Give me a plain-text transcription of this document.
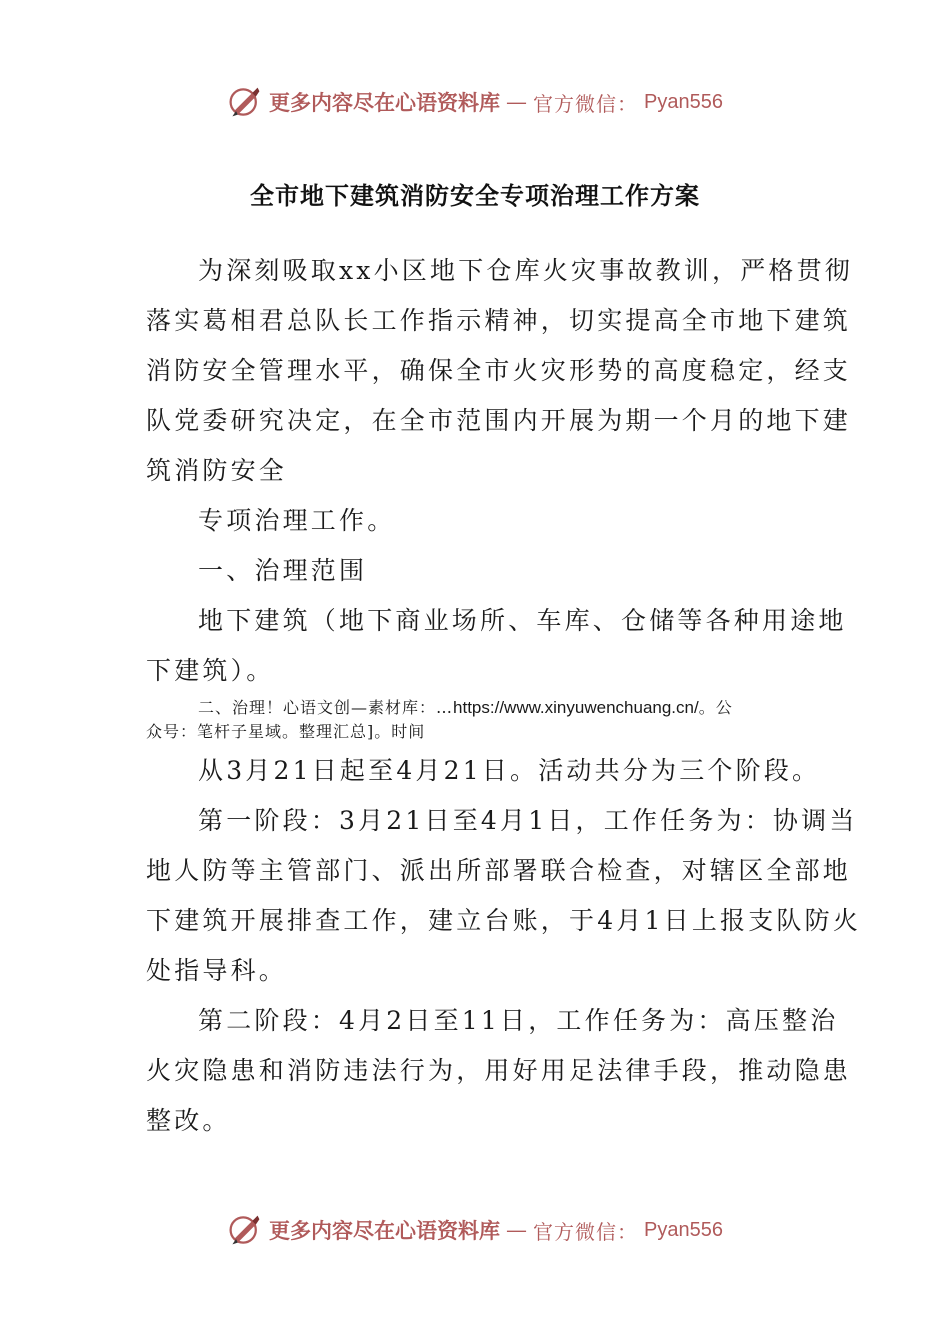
更多内容尽在心语资料库 — 官方微信： Pyan556
全市地下建筑消防安全专项治理工作方案
为深刻吸取xx小区地下仓库火灾事故教训，严格贯彻
落实葛相君总队长工作指示精神，切实提高全市地下建筑
消防安全管理水平，确保全市火灾形势的高度稳定，经支
队党委研究决定，在全市范围内开展为期一个月的地下建
筑消防安全
专项治理工作。
一、治理范围
地下建筑（地下商业场所、车库、仓储等各种用途地
下建筑）。
二、治理！心语文创—素材库：…https://www.xinyuwenchuang.cn/。公
众号：笔杆子星域。整理汇总]。时间
从3月21日起至4月21日。活动共分为三个阶段。
第一阶段：3月21日至4月1日，工作任务为：协调当
地人防等主管部门、派出所部署联合检查，对辖区全部地
下建筑开展排查工作，建立台账，于4月1日上报支队防火
处指导科。
第二阶段：4月2日至11日，工作任务为：高压整治
火灾隐患和消防违法行为，用好用足法律手段，推动隐患
整改。
更多内容尽在心语资料库 — 官方微信： Pyan556
